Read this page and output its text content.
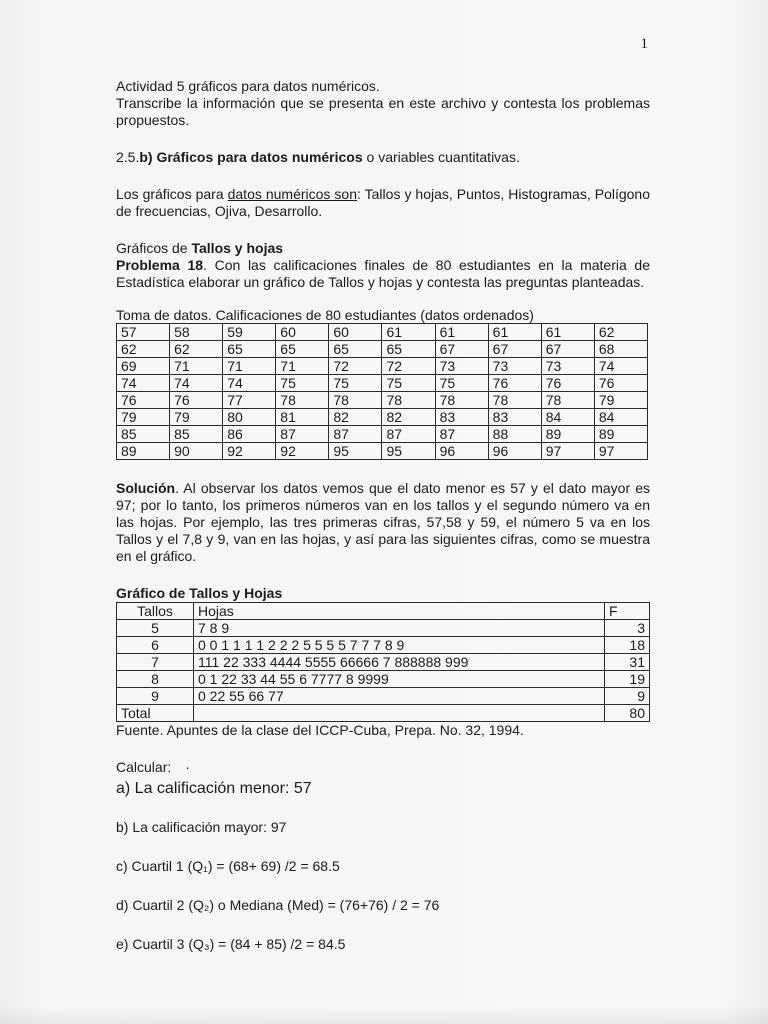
1

Actividad 5 gráficos para datos numéricos.

Transcribe la información que se presenta en este archivo y contesta los problemas propuestos.

2.5.b) Gráficos para datos numéricos o variables cuantitativas.

Los gráficos para datos numéricos son: Tallos y hojas, Puntos, Histogramas, Polígono de frecuencias, Ojiva, Desarrollo.

Gráficos de Tallos y hojas

Problema 18. Con las calificaciones finales de 80 estudiantes en la materia de Estadística elaborar un gráfico de Tallos y hojas y contesta las preguntas planteadas.

Toma de datos. Calificaciones de 80 estudiantes (datos ordenados)

57	58	59	60	60	61	61	61	61	62
62	62	65	65	65	65	67	67	67	68
69	71	71	71	72	72	73	73	73	74
74	74	74	75	75	75	75	76	76	76
76	76	77	78	78	78	78	78	78	79
79	79	80	81	82	82	83	83	84	84
85	85	86	87	87	87	87	88	89	89
89	90	92	92	95	95	96	96	97	97

Solución. Al observar los datos vemos que el dato menor es 57 y el dato mayor es 97; por lo tanto, los primeros números van en los tallos y el segundo número va en las hojas. Por ejemplo, las tres primeras cifras, 57,58 y 59, el número 5 va en los Tallos y el 7,8 y 9, van en las hojas, y así para las siguientes cifras, como se muestra en el gráfico.

Gráfico de Tallos y Hojas

Tallos	Hojas	F
5	7 8 9	3
6	0 0 1 1 1 1 2 2 2 5 5 5 5 7 7 7 8 9	18
7	111 22 333 4444 5555 66666 7 888888 999	31
8	0 1 22 33 44 55 6 7777 8 9999	19
9	0 22 55 66 77	9
Total		80

Fuente. Apuntes de la clase del ICCP-Cuba, Prepa. No. 32, 1994.

Calcular: ·

a) La calificación menor: 57

b) La calificación mayor: 97

c) Cuartil 1 (Q₁) = (68+ 69) /2 = 68.5

d) Cuartil 2 (Q₂) o Mediana (Med) = (76+76) / 2 = 76

e) Cuartil 3 (Q₃) = (84 + 85) /2 = 84.5
